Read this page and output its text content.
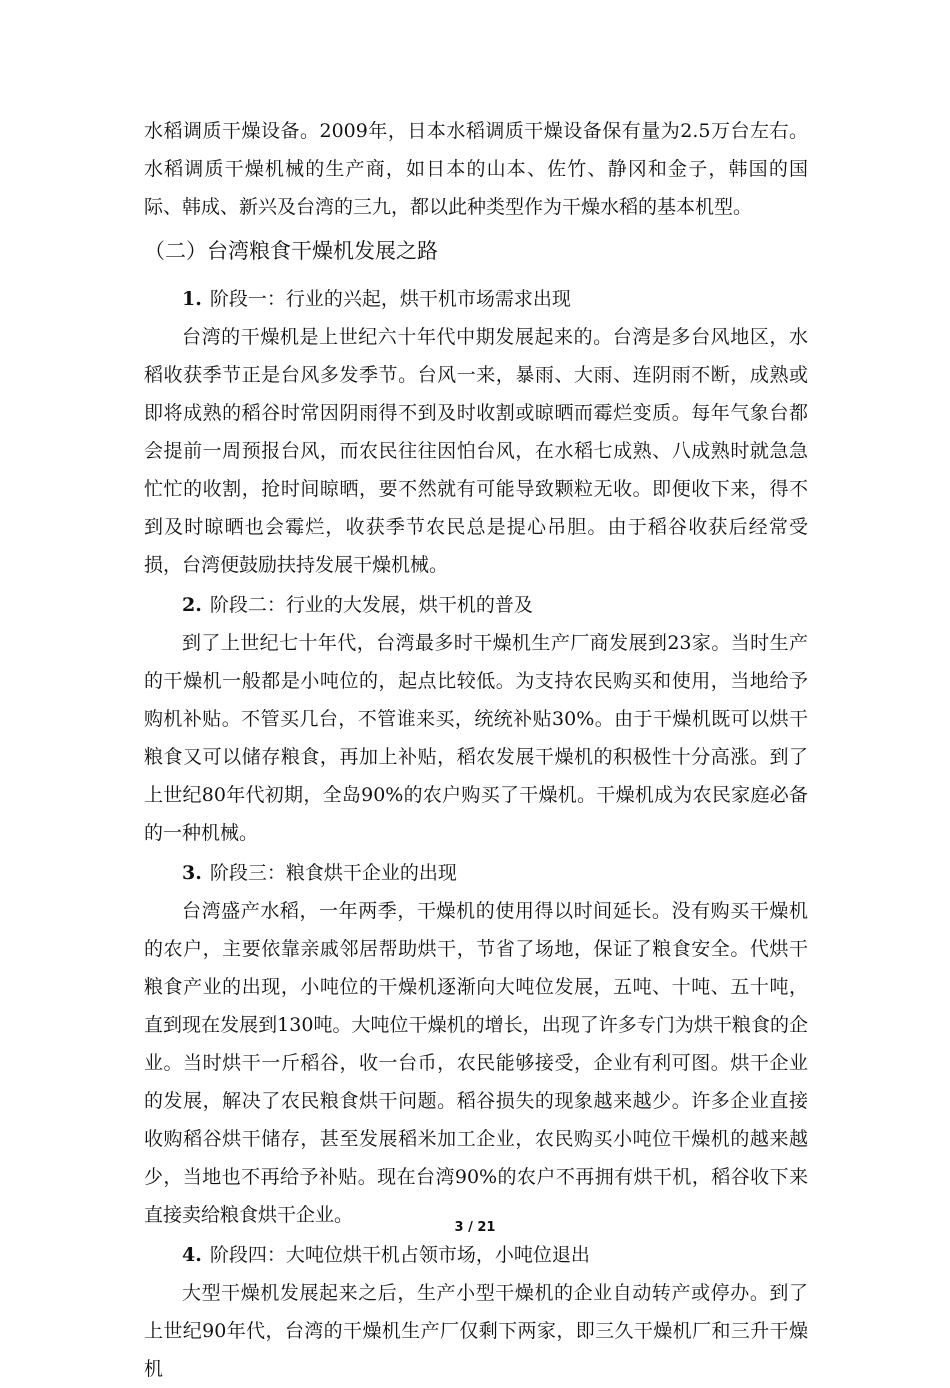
水稻调质干燥设备。2009年，日本水稻调质干燥设备保有量为2.5万台左右。水稻调质干燥机械的生产商，如日本的山本、佐竹、静冈和金子，韩国的国际、韩成、新兴及台湾的三九，都以此种类型作为干燥水稻的基本机型。

（二）台湾粮食干燥机发展之路

1. 阶段一：行业的兴起，烘干机市场需求出现

台湾的干燥机是上世纪六十年代中期发展起来的。台湾是多台风地区，水稻收获季节正是台风多发季节。台风一来，暴雨、大雨、连阴雨不断，成熟或即将成熟的稻谷时常因阴雨得不到及时收割或晾晒而霉烂变质。每年气象台都会提前一周预报台风，而农民往往因怕台风，在水稻七成熟、八成熟时就急急忙忙的收割，抢时间晾晒，要不然就有可能导致颗粒无收。即便收下来，得不到及时晾晒也会霉烂，收获季节农民总是提心吊胆。由于稻谷收获后经常受损，台湾便鼓励扶持发展干燥机械。

2. 阶段二：行业的大发展，烘干机的普及

到了上世纪七十年代，台湾最多时干燥机生产厂商发展到23家。当时生产的干燥机一般都是小吨位的，起点比较低。为支持农民购买和使用，当地给予购机补贴。不管买几台，不管谁来买，统统补贴30%。由于干燥机既可以烘干粮食又可以储存粮食，再加上补贴，稻农发展干燥机的积极性十分高涨。到了上世纪80年代初期，全岛90%的农户购买了干燥机。干燥机成为农民家庭必备的一种机械。

3. 阶段三：粮食烘干企业的出现

台湾盛产水稻，一年两季，干燥机的使用得以时间延长。没有购买干燥机的农户，主要依靠亲戚邻居帮助烘干，节省了场地，保证了粮食安全。代烘干粮食产业的出现，小吨位的干燥机逐渐向大吨位发展，五吨、十吨、五十吨，直到现在发展到130吨。大吨位干燥机的增长，出现了许多专门为烘干粮食的企业。当时烘干一斤稻谷，收一台币，农民能够接受，企业有利可图。烘干企业的发展，解决了农民粮食烘干问题。稻谷损失的现象越来越少。许多企业直接收购稻谷烘干储存，甚至发展稻米加工企业，农民购买小吨位干燥机的越来越少，当地也不再给予补贴。现在台湾90%的农户不再拥有烘干机，稻谷收下来直接卖给粮食烘干企业。

4. 阶段四：大吨位烘干机占领市场，小吨位退出

大型干燥机发展起来之后，生产小型干燥机的企业自动转产或停办。到了上世纪90年代，台湾的干燥机生产厂仅剩下两家，即三久干燥机厂和三升干燥机

3 / 21
